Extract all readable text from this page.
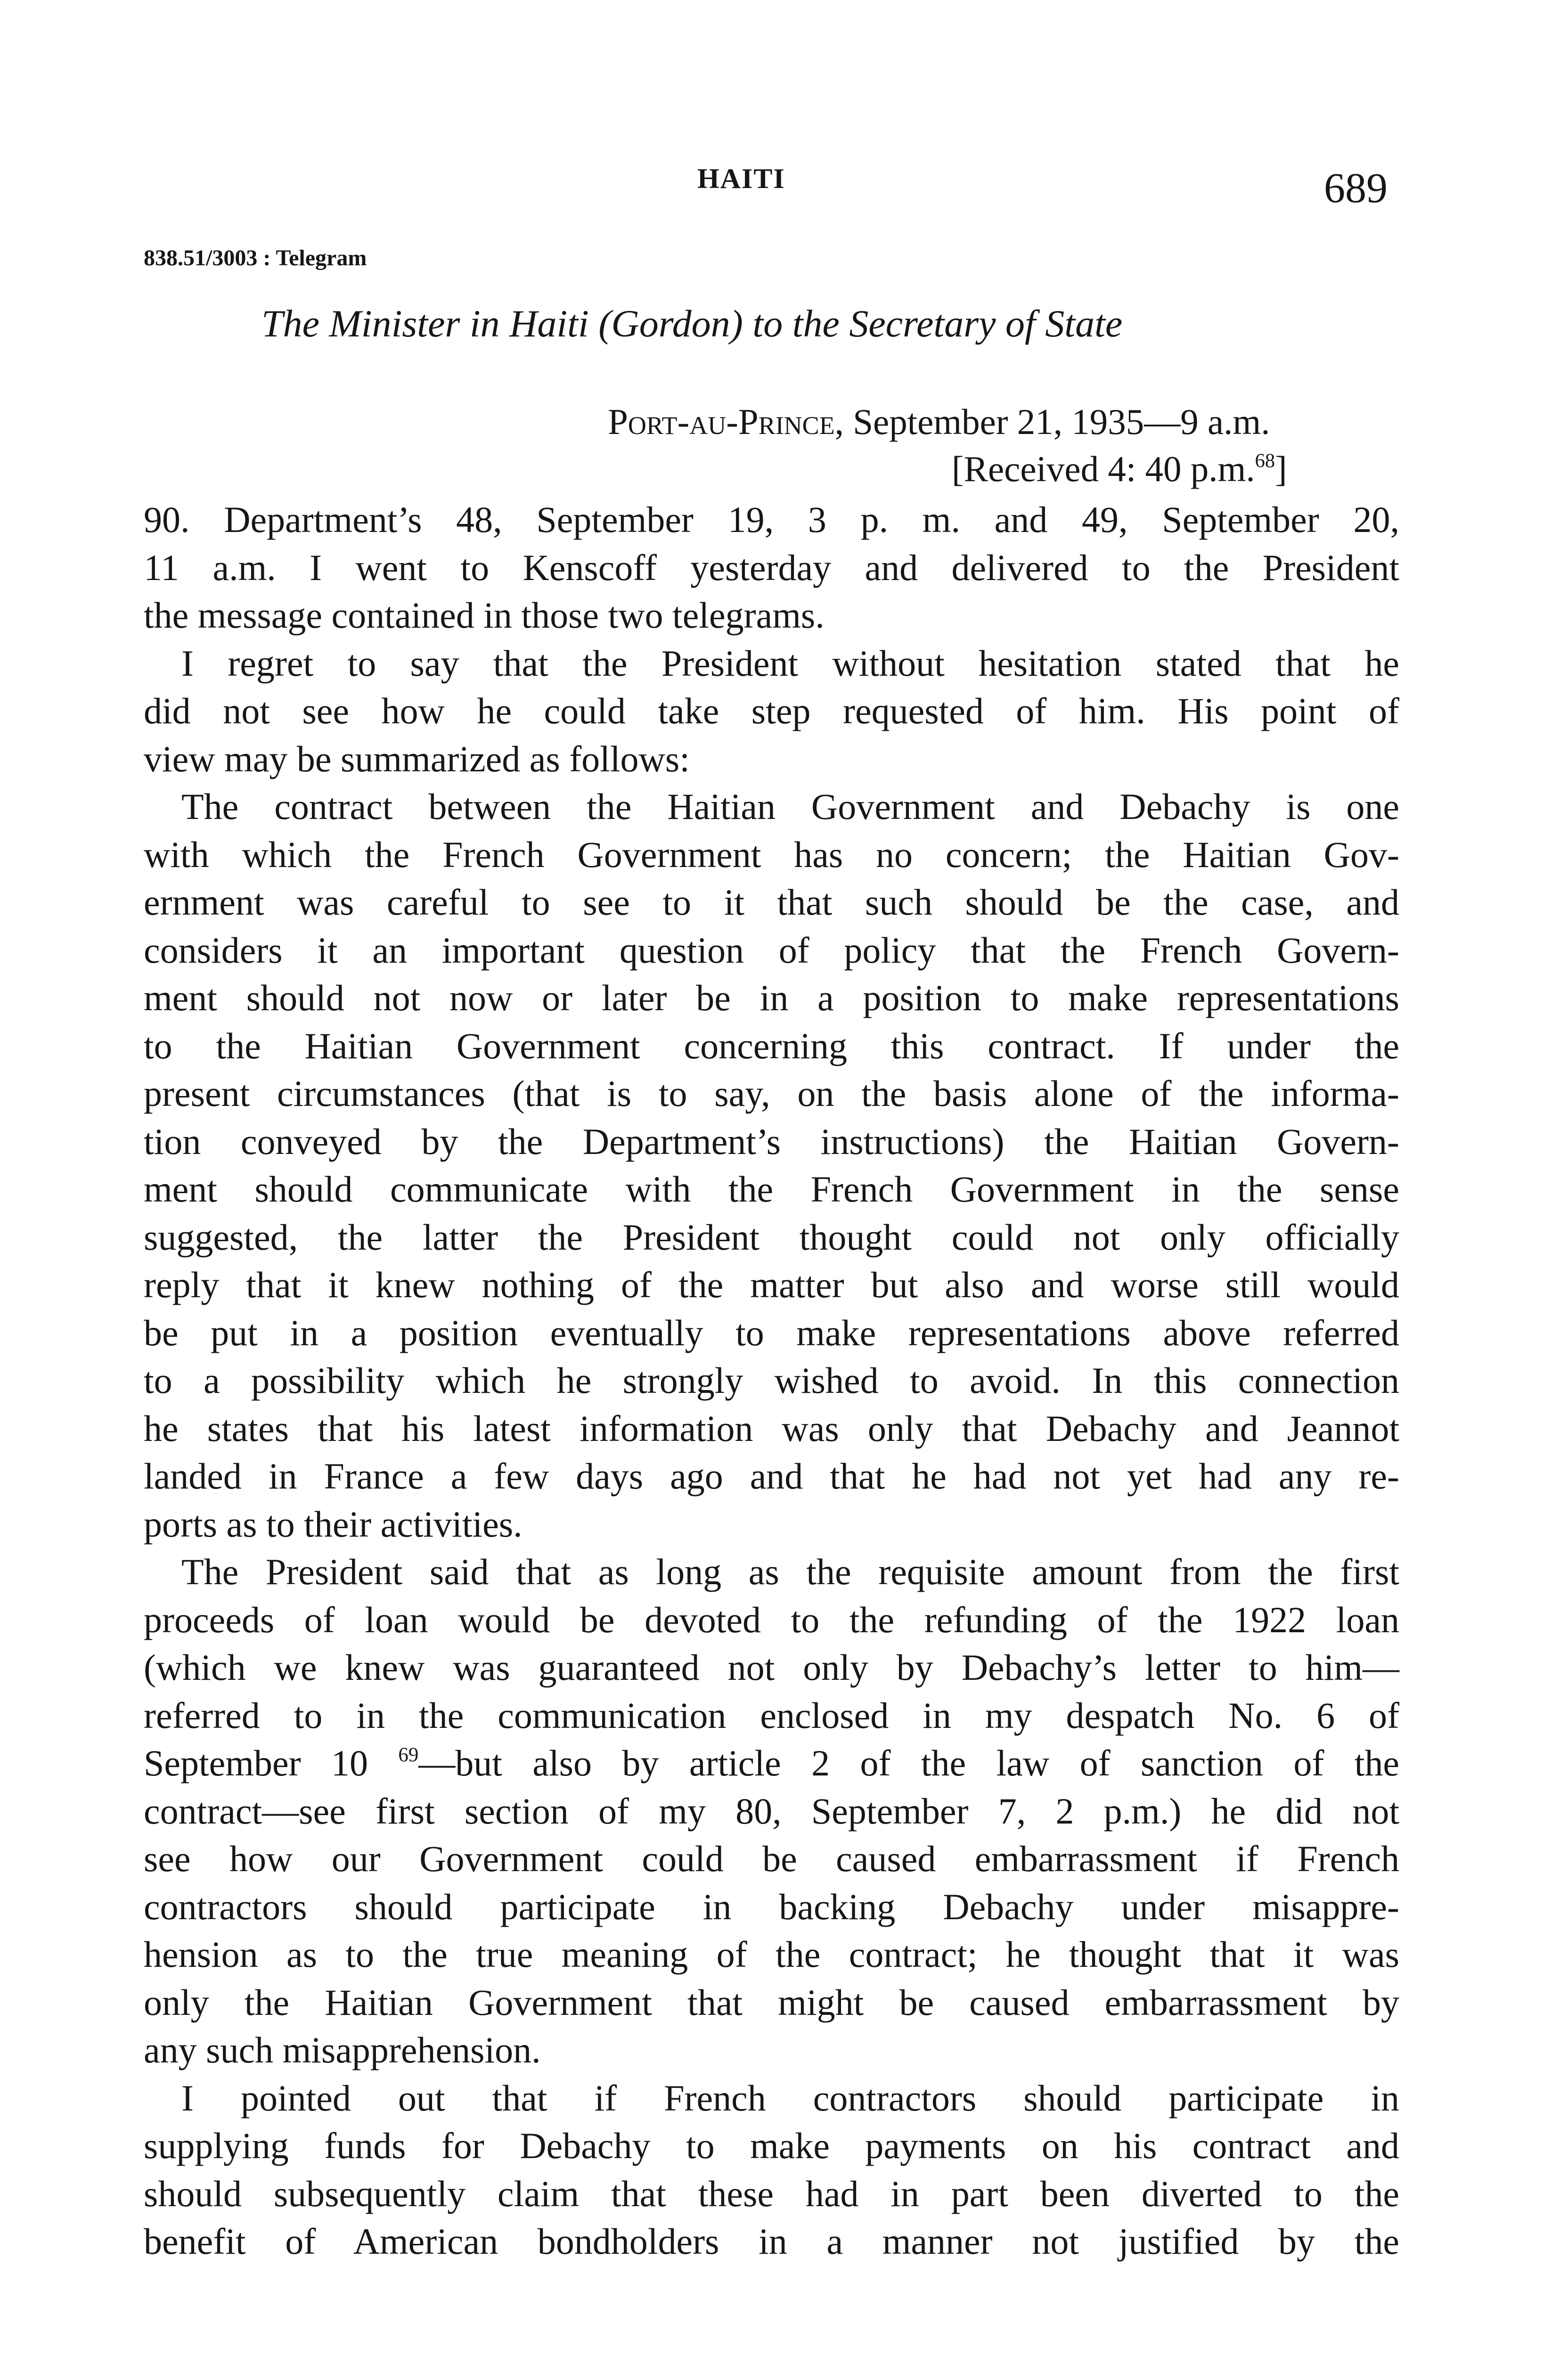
HAITI	689
838.51/3003 : Telegram
The Minister in Haiti (Gordon) to the Secretary of State
Port-au-Prince, September 21, 1935—9 a.m.
[Received 4: 40 p.m.$^{68}$]
90. Department’s 48, September 19, 3 p. m. and 49, September 20,
11 a.m. I went to Kenscoff yesterday and delivered to the President
the message contained in those two telegrams.
I regret to say that the President without hesitation stated that he
did not see how he could take step requested of him. His point of
view may be summarized as follows:
The contract between the Haitian Government and Debachy is one
with which the French Government has no concern; the Haitian Gov-
ernment was careful to see to it that such should be the case, and
considers it an important question of policy that the French Govern-
ment should not now or later be in a position to make representations
to the Haitian Government concerning this contract. If under the
present circumstances (that is to say, on the basis alone of the informa-
tion conveyed by the Department’s instructions) the Haitian Govern-
ment should communicate with the French Government in the sense
suggested, the latter the President thought could not only officially
reply that it knew nothing of the matter but also and worse still would
be put in a position eventually to make representations above referred
to a possibility which he strongly wished to avoid. In this connection
he states that his latest information was only that Debachy and Jeannot
landed in France a few days ago and that he had not yet had any re-
ports as to their activities.
The President said that as long as the requisite amount from the first
proceeds of loan would be devoted to the refunding of the 1922 loan
(which we knew was guaranteed not only by Debachy’s letter to him—
referred to in the communication enclosed in my despatch No. 6 of
September 10 $^{69}$—but also by article 2 of the law of sanction of the
contract—see first section of my 80, September 7, 2 p.m.) he did not
see how our Government could be caused embarrassment if French
contractors should participate in backing Debachy under misappre-
hension as to the true meaning of the contract; he thought that it was
only the Haitian Government that might be caused embarrassment by
any such misapprehension.
I pointed out that if French contractors should participate in
supplying funds for Debachy to make payments on his contract and
should subsequently claim that these had in part been diverted to the
benefit of American bondholders in a manner not justified by the
